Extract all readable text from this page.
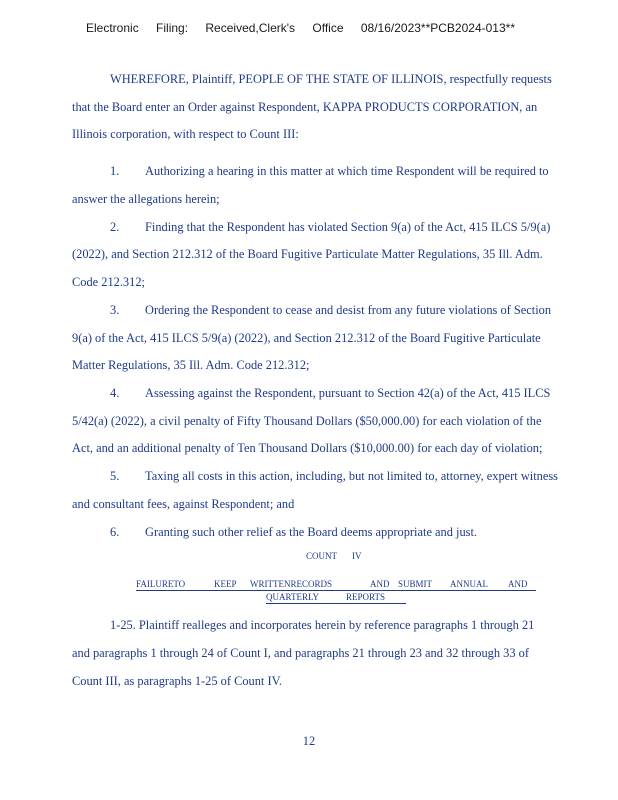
Electronic Filing: Received,Clerk's Office 08/16/2023**PCB2024-013**
WHEREFORE, Plaintiff, PEOPLE OF THE STATE OF ILLINOIS, respectfully requests
that the Board enter an Order against Respondent, KAPPA PRODUCTS CORPORATION, an
Illinois corporation, with respect to Count III:
1. Authorizing a hearing in this matter at which time Respondent will be required to
answer the allegations herein;
2. Finding that the Respondent has violated Section 9(a) of the Act, 415 ILCS 5/9(a)
(2022), and Section 212.312 of the Board Fugitive Particulate Matter Regulations, 35 Ill. Adm.
Code 212.312;
3. Ordering the Respondent to cease and desist from any future violations of Section
9(a) of the Act, 415 ILCS 5/9(a) (2022), and Section 212.312 of the Board Fugitive Particulate
Matter Regulations, 35 Ill. Adm. Code 212.312;
4. Assessing against the Respondent, pursuant to Section 42(a) of the Act, 415 ILCS
5/42(a) (2022), a civil penalty of Fifty Thousand Dollars ($50,000.00) for each violation of the
Act, and an additional penalty of Ten Thousand Dollars ($10,000.00) for each day of violation;
5. Taxing all costs in this action, including, but not limited to, attorney, expert witness
and consultant fees, against Respondent; and
6. Granting such other relief as the Board deems appropriate and just.
COUNT IV
FAILURETO	KEEP WRITTENRECORDS	AND SUBMIT ANNUAL AND
QUARTERLY	REPORTS
1-25. Plaintiff realleges and incorporates herein by reference paragraphs 1 through 21
and paragraphs 1 through 24 of Count I, and paragraphs 21 through 23 and 32 through 33 of
Count III, as paragraphs 1-25 of Count IV.
12
